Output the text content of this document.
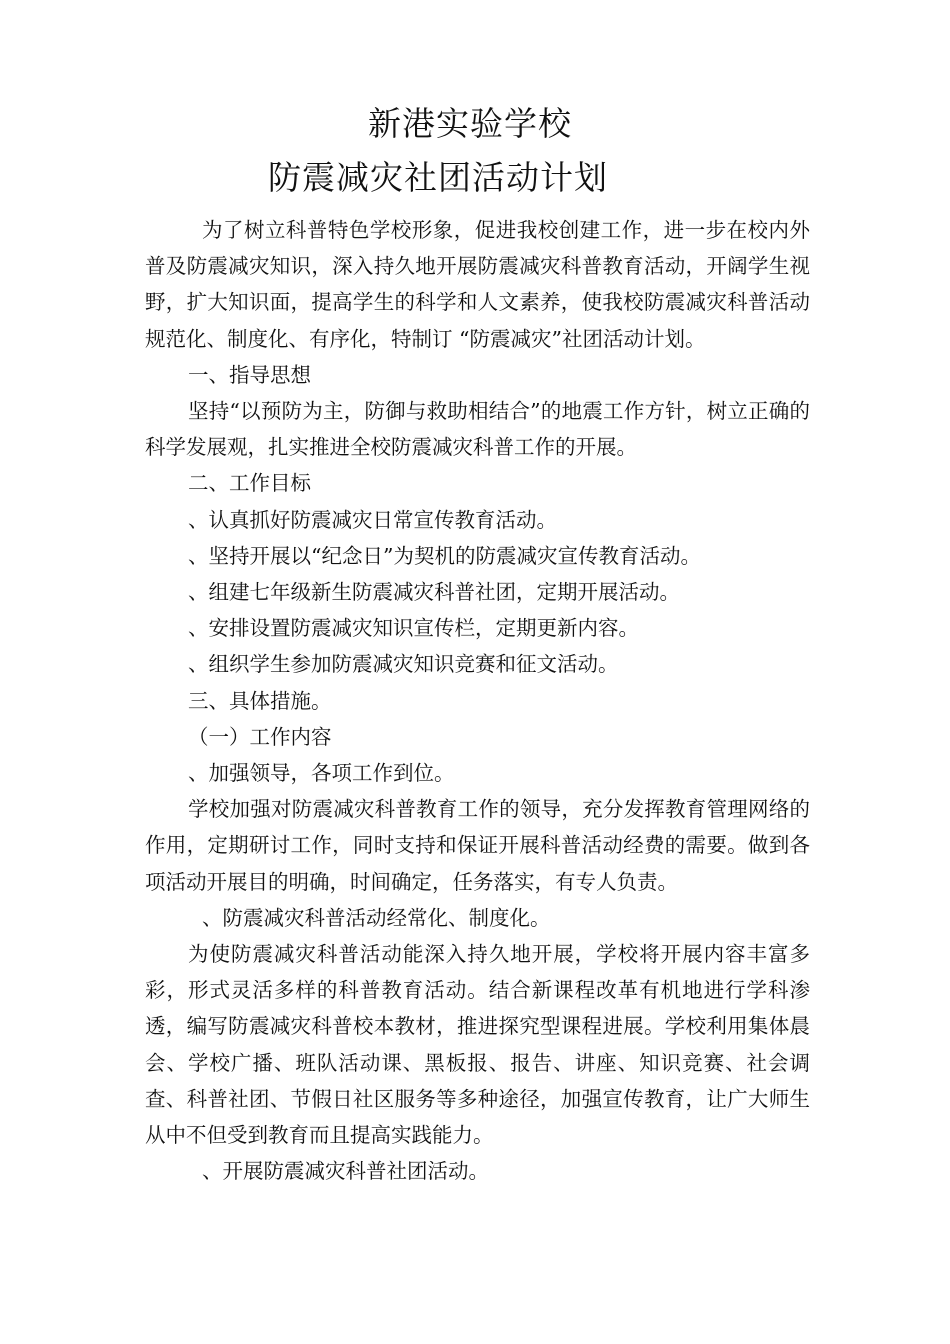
新港实验学校
防震减灾社团活动计划

为了树立科普特色学校形象，促进我校创建工作，进一步在校内外普及防震减灾知识，深入持久地开展防震减灾科普教育活动，开阔学生视野，扩大知识面，提高学生的科学和人文素养，使我校防震减灾科普活动规范化、制度化、有序化，特制订 “防震减灾”社团活动计划。

一、指导思想

坚持“以预防为主，防御与救助相结合”的地震工作方针，树立正确的科学发展观，扎实推进全校防震减灾科普工作的开展。

二、工作目标

、认真抓好防震减灾日常宣传教育活动。

、坚持开展以“纪念日”为契机的防震减灾宣传教育活动。

、组建七年级新生防震减灾科普社团，定期开展活动。

、安排设置防震减灾知识宣传栏，定期更新内容。

、组织学生参加防震减灾知识竞赛和征文活动。

三、具体措施。

（一）工作内容

、加强领导，各项工作到位。

学校加强对防震减灾科普教育工作的领导，充分发挥教育管理网络的作用，定期研讨工作，同时支持和保证开展科普活动经费的需要。做到各项活动开展目的明确，时间确定，任务落实，有专人负责。

、防震减灾科普活动经常化、制度化。

为使防震减灾科普活动能深入持久地开展，学校将开展内容丰富多彩，形式灵活多样的科普教育活动。结合新课程改革有机地进行学科渗透，编写防震减灾科普校本教材，推进探究型课程进展。学校利用集体晨会、学校广播、班队活动课、黑板报、报告、讲座、知识竞赛、社会调查、科普社团、节假日社区服务等多种途径，加强宣传教育，让广大师生从中不但受到教育而且提高实践能力。

、开展防震减灾科普社团活动。
